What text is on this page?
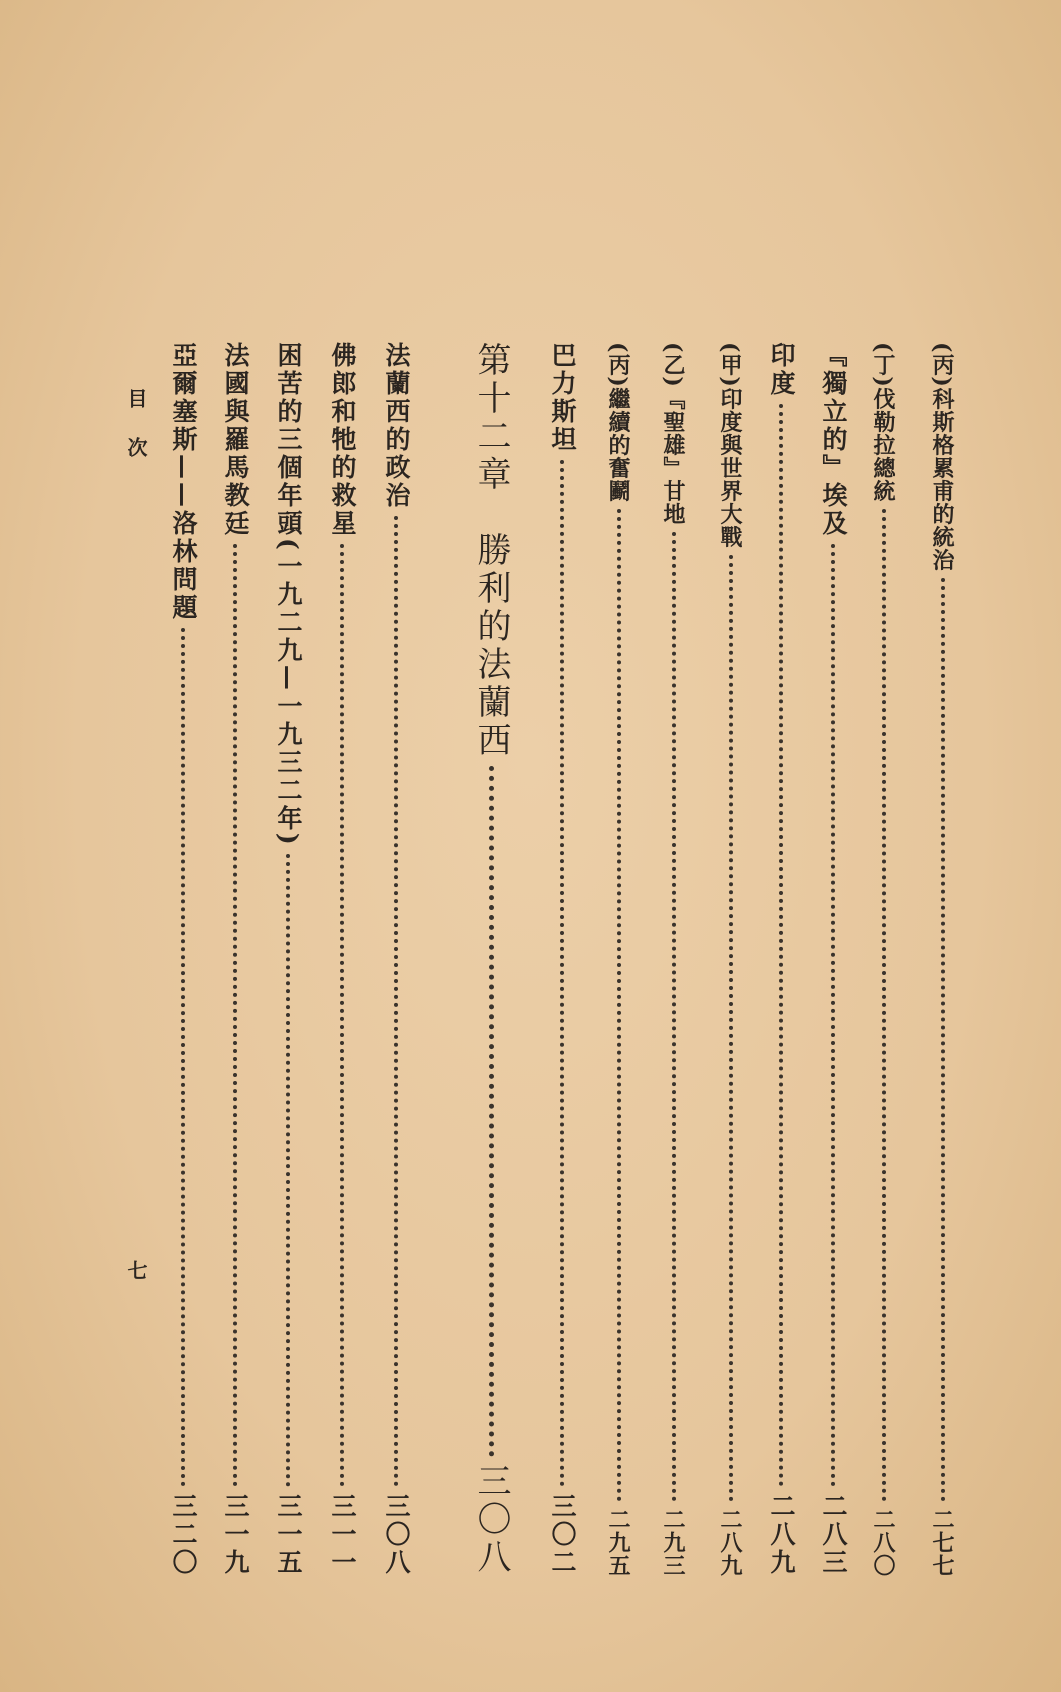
(丙)科斯格累甫的統治
二七七
(丁)伐勒拉總統
二八〇
『獨立的』埃及
二八三
印度
二八九
(甲)印度與世界大戰
二八九
(乙)『聖雄』甘地
二九三
(丙)繼續的奮鬬
二九五
巴力斯坦
三〇二
第十二章　勝利的法蘭西
三〇八
法蘭西的政治
三〇八
佛郎和牠的救星
三一一
困苦的三個年頭(一九二九—一九三二年)
三一五
法國與羅馬教廷
三一九
亞爾塞斯——洛林問題
三二〇
目
次
七
